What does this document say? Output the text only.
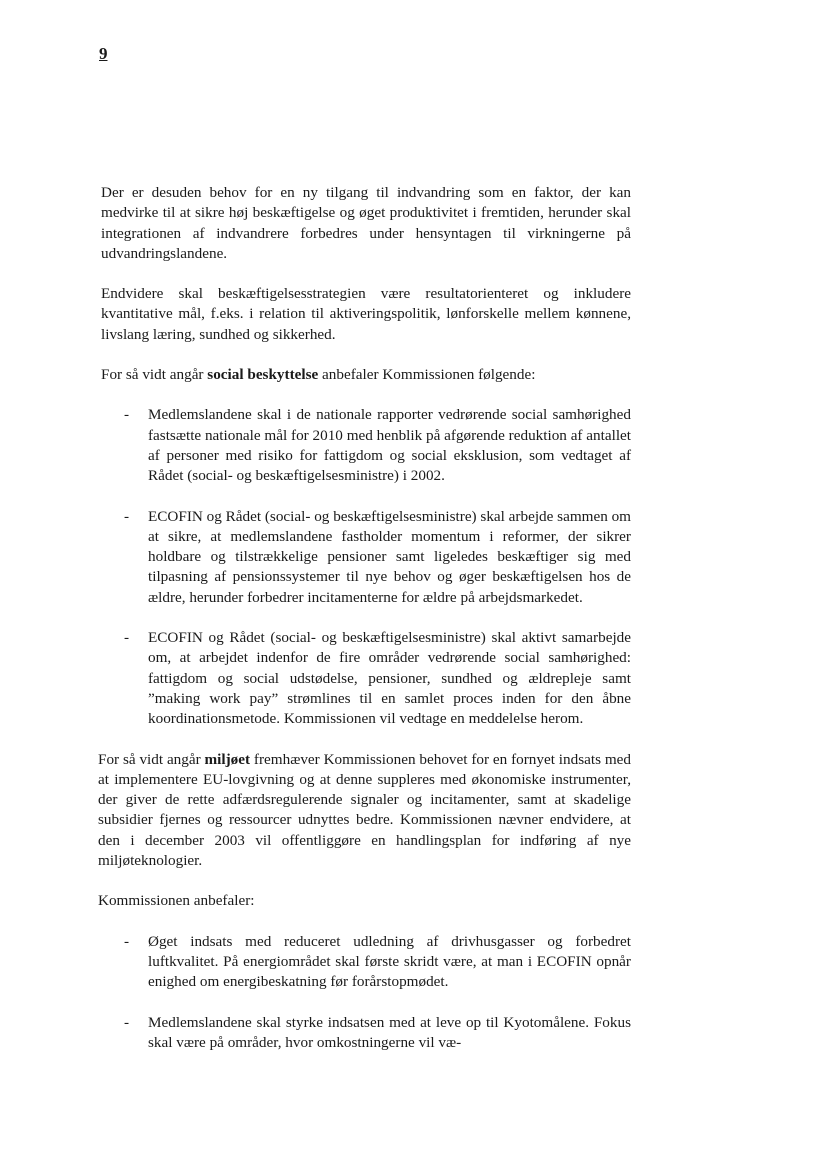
9

Der er desuden behov for en ny tilgang til indvandring som en faktor, der kan medvirke til at sikre høj beskæftigelse og øget produktivitet i fremtiden, herunder skal integrationen af indvandrere forbedres under hensyntagen til virkningerne på udvandringslandene.

Endvidere skal beskæftigelsesstrategien være resultatorienteret og inkludere kvantitative mål, f.eks. i relation til aktiveringspolitik, lønforskelle mellem kønnene, livslang læring, sundhed og sikkerhed.

For så vidt angår social beskyttelse anbefaler Kommissionen følgende:

- Medlemslandene skal i de nationale rapporter vedrørende social samhørighed fastsætte nationale mål for 2010 med henblik på afgørende reduktion af antallet af personer med risiko for fattigdom og social eksklusion, som vedtaget af Rådet (social- og beskæftigelsesministre) i 2002.

- ECOFIN og Rådet (social- og beskæftigelsesministre) skal arbejde sammen om at sikre, at medlemslandene fastholder momentum i reformer, der sikrer holdbare og tilstrækkelige pensioner samt ligeledes beskæftiger sig med tilpasning af pensionssystemer til nye behov og øger beskæftigelsen hos de ældre, herunder forbedrer incitamenterne for ældre på arbejdsmarkedet.

- ECOFIN og Rådet (social- og beskæftigelsesministre) skal aktivt samarbejde om, at arbejdet indenfor de fire områder vedrørende social samhørighed: fattigdom og social udstødelse, pensioner, sundhed og ældrepleje samt ”making work pay” strømlines til en samlet proces inden for den åbne koordinationsmetode. Kommissionen vil vedtage en meddelelse herom.

For så vidt angår miljøet fremhæver Kommissionen behovet for en fornyet indsats med at implementere EU-lovgivning og at denne suppleres med økonomiske instrumenter, der giver de rette adfærdsregulerende signaler og incitamenter, samt at skadelige subsidier fjernes og ressourcer udnyttes bedre. Kommissionen nævner endvidere, at den i december 2003 vil offentliggøre en handlingsplan for indføring af nye miljøteknologier.

Kommissionen anbefaler:

- Øget indsats med reduceret udledning af drivhusgasser og forbedret luftkvalitet. På energiområdet skal første skridt være, at man i ECOFIN opnår enighed om energibeskatning før forårstopmødet.

- Medlemslandene skal styrke indsatsen med at leve op til Kyotomålene. Fokus skal være på områder, hvor omkostningerne vil væ-
